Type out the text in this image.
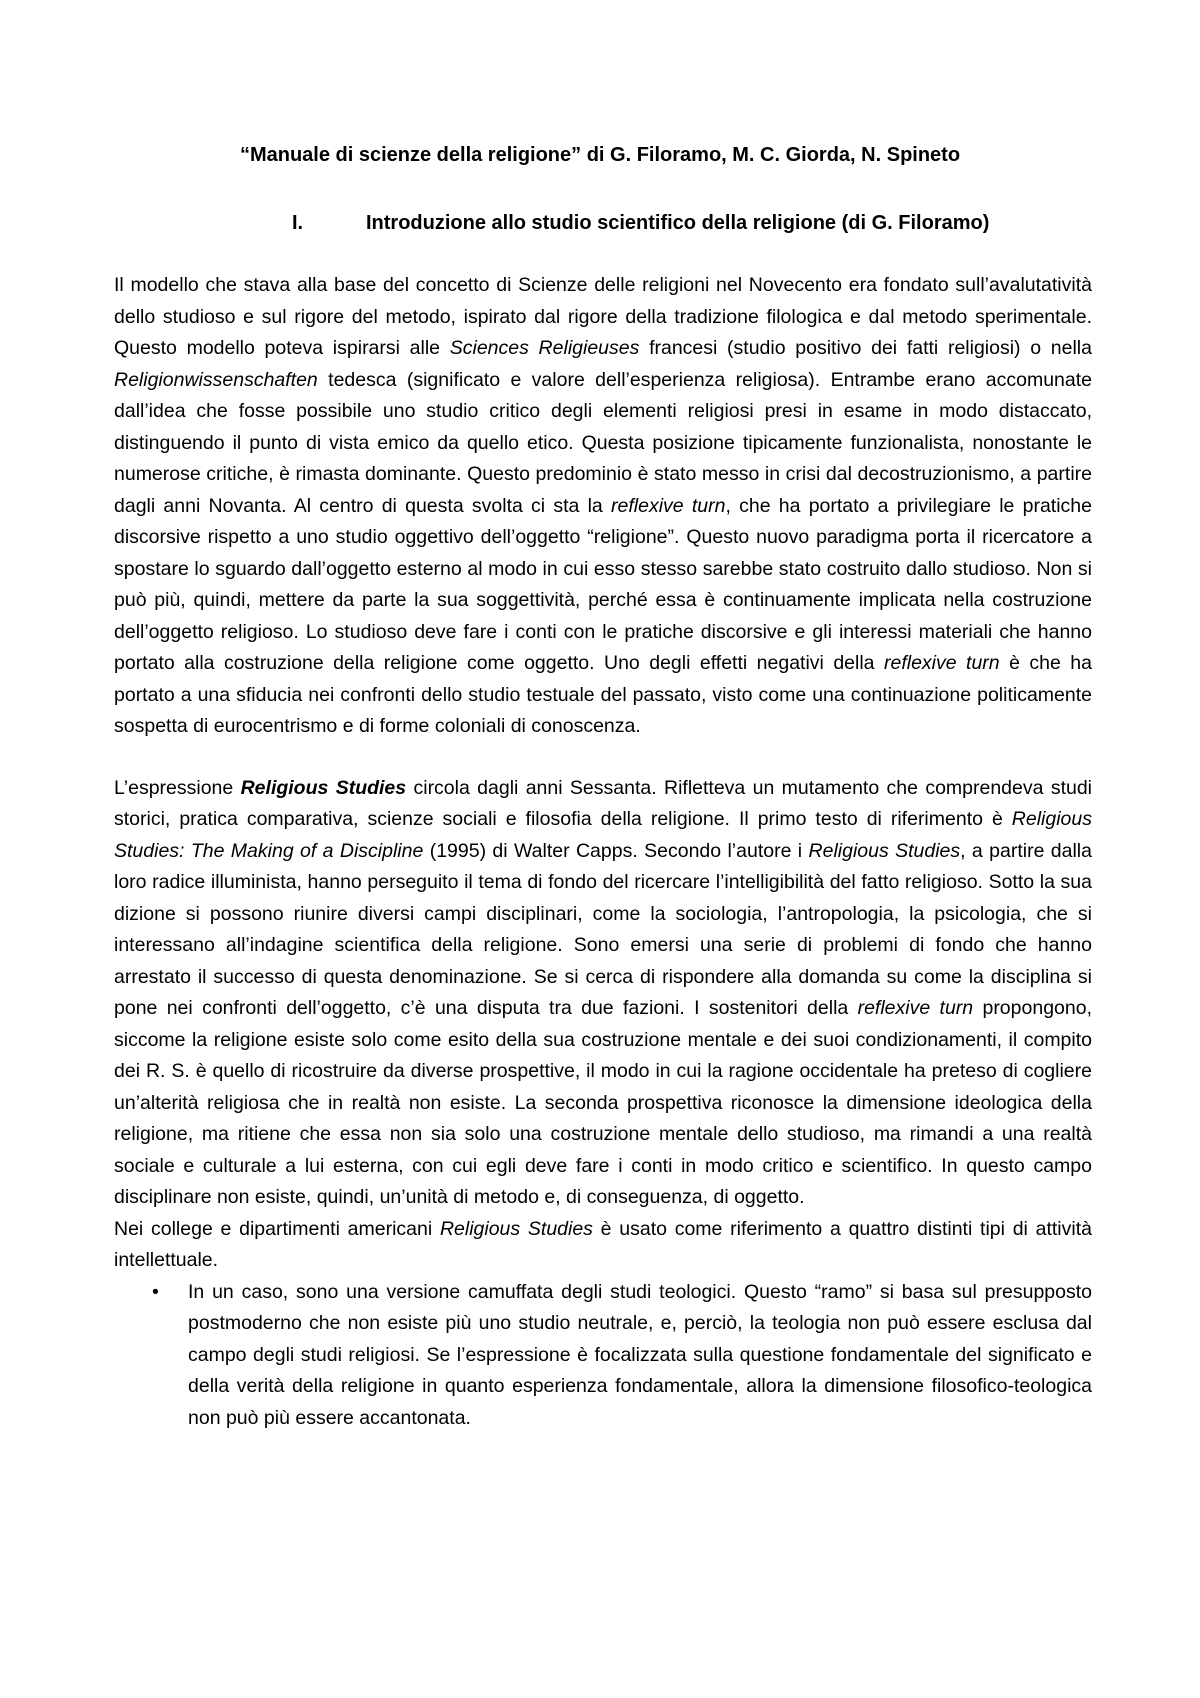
“Manuale di scienze della religione” di G. Filoramo, M. C. Giorda, N. Spineto
I.	Introduzione allo studio scientifico della religione (di G. Filoramo)

Il modello che stava alla base del concetto di Scienze delle religioni nel Novecento era fondato sull’avalutatività dello studioso e sul rigore del metodo, ispirato dal rigore della tradizione filologica e dal metodo sperimentale. Questo modello poteva ispirarsi alle Sciences Religieuses francesi (studio positivo dei fatti religiosi) o nella Religionwissenschaften tedesca (significato e valore dell’esperienza religiosa). Entrambe erano accomunate dall’idea che fosse possibile uno studio critico degli elementi religiosi presi in esame in modo distaccato, distinguendo il punto di vista emico da quello etico. Questa posizione tipicamente funzionalista, nonostante le numerose critiche, è rimasta dominante. Questo predominio è stato messo in crisi dal decostruzionismo, a partire dagli anni Novanta. Al centro di questa svolta ci sta la reflexive turn, che ha portato a privilegiare le pratiche discorsive rispetto a uno studio oggettivo dell’oggetto “religione”. Questo nuovo paradigma porta il ricercatore a spostare lo sguardo dall’oggetto esterno al modo in cui esso stesso sarebbe stato costruito dallo studioso. Non si può più, quindi, mettere da parte la sua soggettività, perché essa è continuamente implicata nella costruzione dell’oggetto religioso. Lo studioso deve fare i conti con le pratiche discorsive e gli interessi materiali che hanno portato alla costruzione della religione come oggetto. Uno degli effetti negativi della reflexive turn è che ha portato a una sfiducia nei confronti dello studio testuale del passato, visto come una continuazione politicamente sospetta di eurocentrismo e di forme coloniali di conoscenza.

L’espressione Religious Studies circola dagli anni Sessanta. Rifletteva un mutamento che comprendeva studi storici, pratica comparativa, scienze sociali e filosofia della religione. Il primo testo di riferimento è Religious Studies: The Making of a Discipline (1995) di Walter Capps. Secondo l’autore i Religious Studies, a partire dalla loro radice illuminista, hanno perseguito il tema di fondo del ricercare l’intelligibilità del fatto religioso. Sotto la sua dizione si possono riunire diversi campi disciplinari, come la sociologia, l’antropologia, la psicologia, che si interessano all’indagine scientifica della religione. Sono emersi una serie di problemi di fondo che hanno arrestato il successo di questa denominazione. Se si cerca di rispondere alla domanda su come la disciplina si pone nei confronti dell’oggetto, c’è una disputa tra due fazioni. I sostenitori della reflexive turn propongono, siccome la religione esiste solo come esito della sua costruzione mentale e dei suoi condizionamenti, il compito dei R. S. è quello di ricostruire da diverse prospettive, il modo in cui la ragione occidentale ha preteso di cogliere un’alterità religiosa che in realtà non esiste. La seconda prospettiva riconosce la dimensione ideologica della religione, ma ritiene che essa non sia solo una costruzione mentale dello studioso, ma rimandi a una realtà sociale e culturale a lui esterna, con cui egli deve fare i conti in modo critico e scientifico. In questo campo disciplinare non esiste, quindi, un’unità di metodo e, di conseguenza, di oggetto.

Nei college e dipartimenti americani Religious Studies è usato come riferimento a quattro distinti tipi di attività intellettuale.

• In un caso, sono una versione camuffata degli studi teologici. Questo “ramo” si basa sul presupposto postmoderno che non esiste più uno studio neutrale, e, perciò, la teologia non può essere esclusa dal campo degli studi religiosi. Se l’espressione è focalizzata sulla questione fondamentale del significato e della verità della religione in quanto esperienza fondamentale, allora la dimensione filosofico-teologica non può più essere accantonata.
